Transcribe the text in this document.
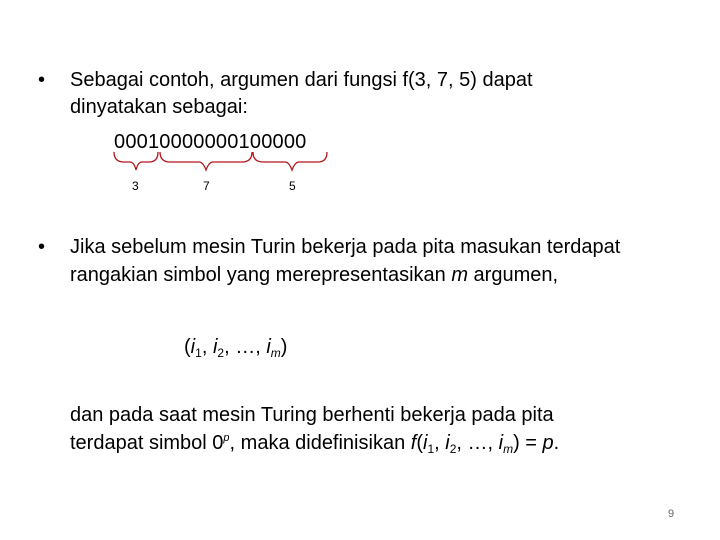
• Sebagai contoh, argumen dari fungsi f(3, 7, 5) dapat
dinyatakan sebagai:
00010000000100000
3	7	5
• Jika sebelum mesin Turin bekerja pada pita masukan terdapat
rangakian simbol yang merepresentasikan m argumen,
($i_1$, $i_2$, …, $i_m$)
dan pada saat mesin Turing berhenti bekerja pada pita
terdapat simbol 0$^p$, maka didefinisikan $f(i_1$, $i_2$, …, $i_m) = p$.
9
